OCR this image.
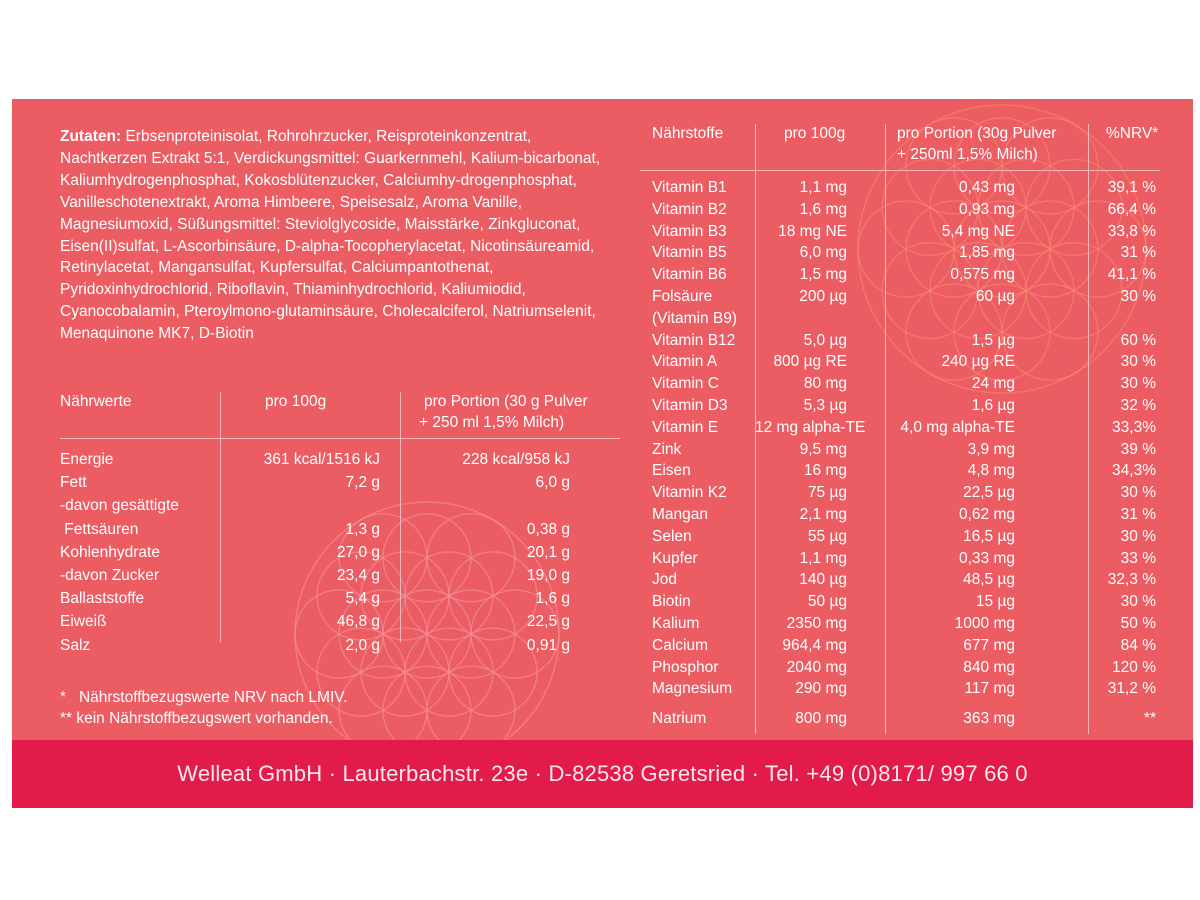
Zutaten: Erbsenproteinisolat, Rohrohrzucker, Reisproteinkonzentrat, Nachtkerzen Extrakt 5:1, Verdickungsmittel: Guarkernmehl, Kalium-bicarbonat, Kaliumhydrogenphosphat, Kokosblütenzucker, Calciumhy-drogenphosphat, Vanilleschotenextrakt, Aroma Himbeere, Speisesalz, Aroma Vanille, Magnesiumoxid, Süßungsmittel: Steviolglycoside, Maisstärke, Zinkgluconat, Eisen(II)sulfat, L-Ascorbinsäure, D-alpha-Tocopherylacetat, Nicotinsäureamid, Retinylacetat, Mangansulfat, Kupfersulfat, Calciumpantothenat, Pyridoxinhydrochlorid, Riboflavin, Thiaminhydrochlorid, Kaliumiodid, Cyanocobalamin, Pteroylmono-glutaminsäure, Cholecalciferol, Natriumselenit, Menaquinone MK7, D-Biotin
Nährwerte	pro 100g	pro Portion (30 g Pulver
+ 250 ml 1,5% Milch)
Energie	361 kcal/1516 kJ	228 kcal/958 kJ
Fett	7,2 g	6,0 g
-davon gesättigte
Fettsäuren	1,3 g	0,38 g
Kohlenhydrate	27,0 g	20,1 g
-davon Zucker	23,4 g	19,0 g
Ballaststoffe	5,4 g	1,6 g
Eiweiß	46,8 g	22,5 g
Salz	2,0 g	0,91 g
*   Nährstoffbezugswerte NRV nach LMIV.
** kein Nährstoffbezugswert vorhanden.
Nährstoffe	pro 100g	pro Portion (30g Pulver
+ 250ml 1,5% Milch)
%NRV*
Vitamin B1	1,1 mg	0,43 mg	39,1 %
Vitamin B2	1,6 mg	0,93 mg	66,4 %
Vitamin B3	18 mg NE	5,4 mg NE	33,8 %
Vitamin B5	6,0 mg	1,85 mg	31 %
Vitamin B6	1,5 mg	0,575 mg	41,1 %
Folsäure	200 µg	60 µg	30 %
(Vitamin B9)
Vitamin B12	5,0 µg	1,5 µg	60 %
Vitamin A	800 µg RE	240 µg RE	30 %
Vitamin C	80 mg	24 mg	30 %
Vitamin D3	5,3 µg	1,6 µg	32 %
Vitamin E 12 mg alpha-TE	4,0 mg alpha-TE	33,3%
Zink	9,5 mg	3,9 mg	39 %
Eisen	16 mg	4,8 mg	34,3%
Vitamin K2	75 µg	22,5 µg	30 %
Mangan	2,1 mg	0,62 mg	31 %
Selen	55 µg	16,5 µg	30 %
Kupfer	1,1 mg	0,33 mg	33 %
Jod	140 µg	48,5 µg	32,3 %
Biotin	50 µg	15 µg	30 %
Kalium	2350 mg	1000 mg	50 %
Calcium	964,4 mg	677 mg	84 %
Phosphor	2040 mg	840 mg	120 %
Magnesium	290 mg	117 mg	31,2 %
Natrium	800 mg	363 mg	**
Welleat GmbH · Lauterbachstr. 23e · D-82538 Geretsried · Tel. +49 (0)8171/ 997 66 0
